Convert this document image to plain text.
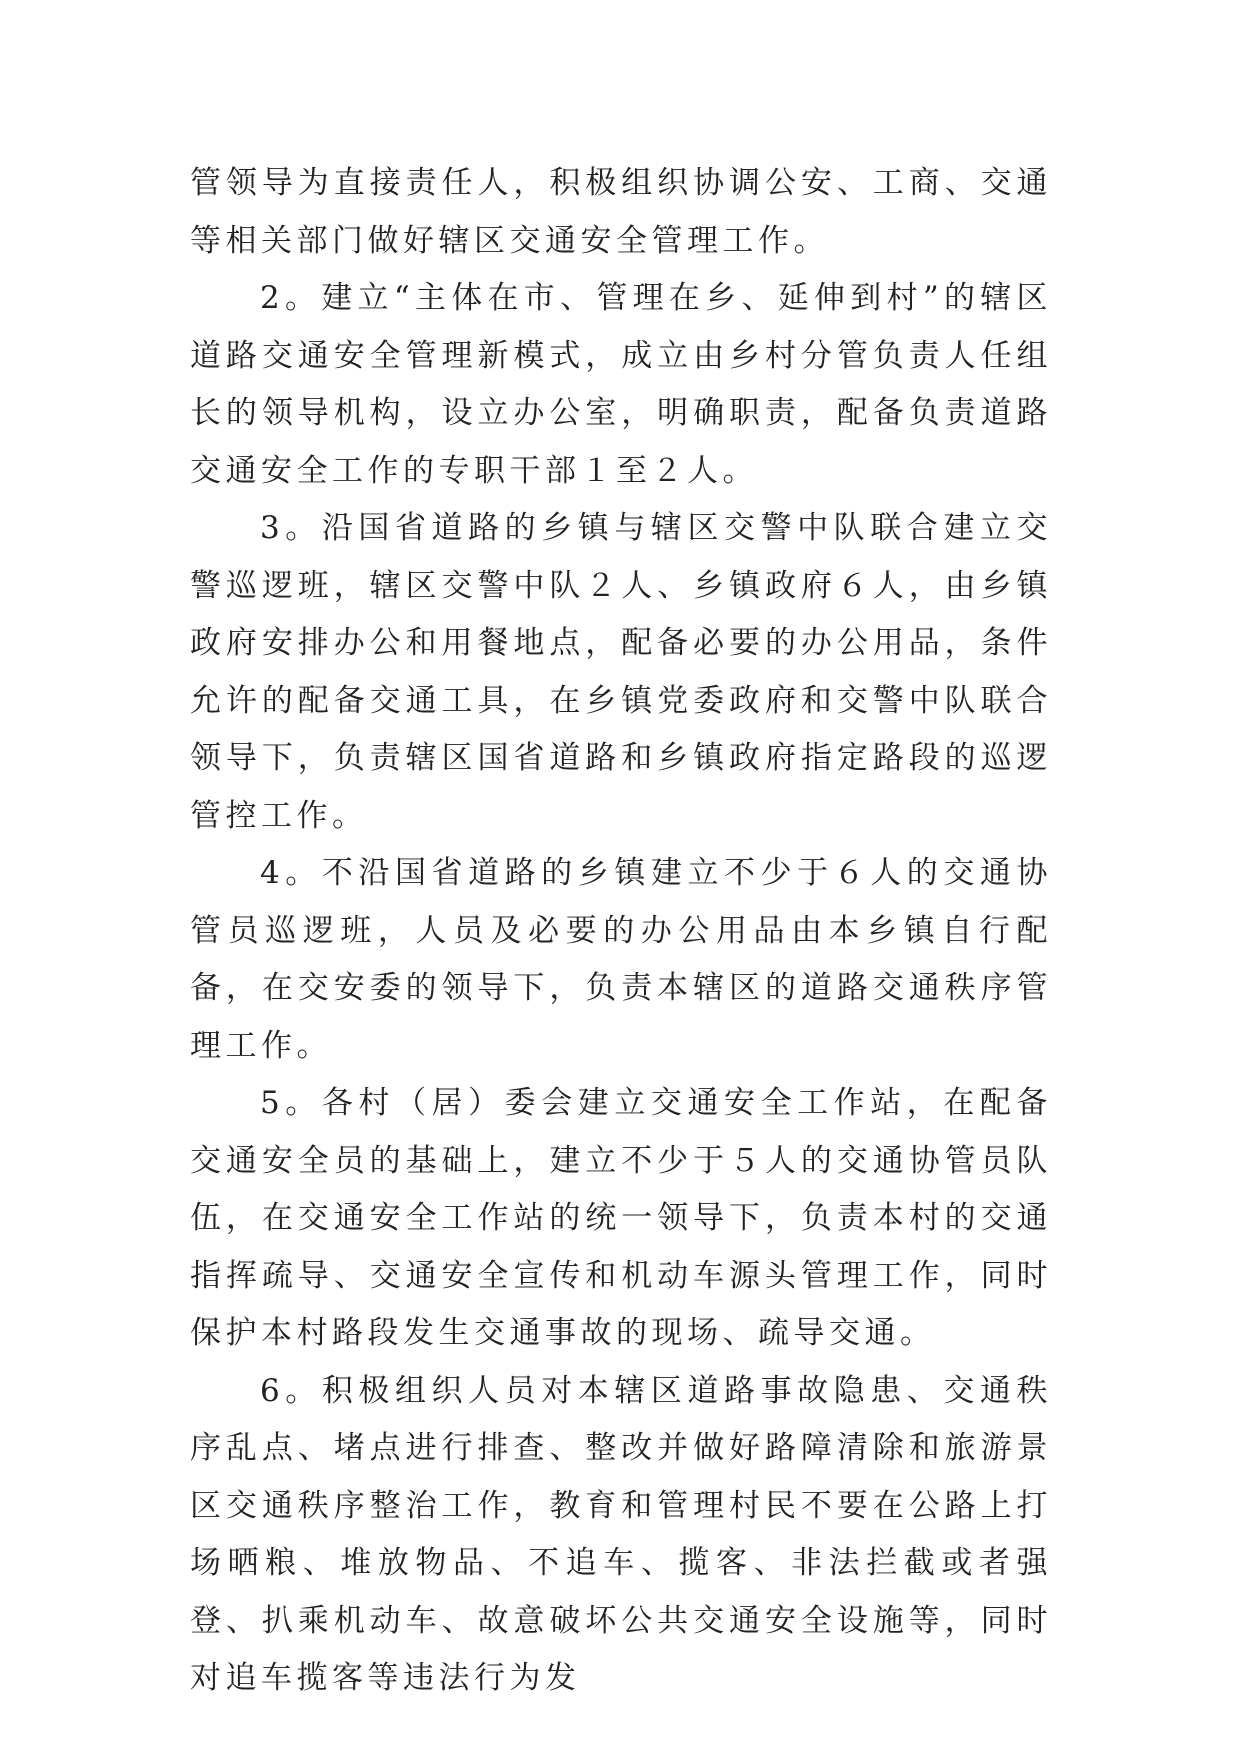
管领导为直接责任人，积极组织协调公安、工商、交通等相关部门做好辖区交通安全管理工作。

2。建立“主体在市、管理在乡、延伸到村”的辖区道路交通安全管理新模式，成立由乡村分管负责人任组长的领导机构，设立办公室，明确职责，配备负责道路交通安全工作的专职干部１至２人。

3。沿国省道路的乡镇与辖区交警中队联合建立交警巡逻班，辖区交警中队２人、乡镇政府６人，由乡镇政府安排办公和用餐地点，配备必要的办公用品，条件允许的配备交通工具，在乡镇党委政府和交警中队联合领导下，负责辖区国省道路和乡镇政府指定路段的巡逻管控工作。

4。不沿国省道路的乡镇建立不少于６人的交通协管员巡逻班，人员及必要的办公用品由本乡镇自行配备，在交安委的领导下，负责本辖区的道路交通秩序管理工作。

5。各村（居）委会建立交通安全工作站，在配备交通安全员的基础上，建立不少于５人的交通协管员队伍，在交通安全工作站的统一领导下，负责本村的交通指挥疏导、交通安全宣传和机动车源头管理工作，同时保护本村路段发生交通事故的现场、疏导交通。

6。积极组织人员对本辖区道路事故隐患、交通秩序乱点、堵点进行排查、整改并做好路障清除和旅游景区交通秩序整治工作，教育和管理村民不要在公路上打场晒粮、堆放物品、不追车、揽客、非法拦截或者强登、扒乘机动车、故意破坏公共交通安全设施等，同时对追车揽客等违法行为发
